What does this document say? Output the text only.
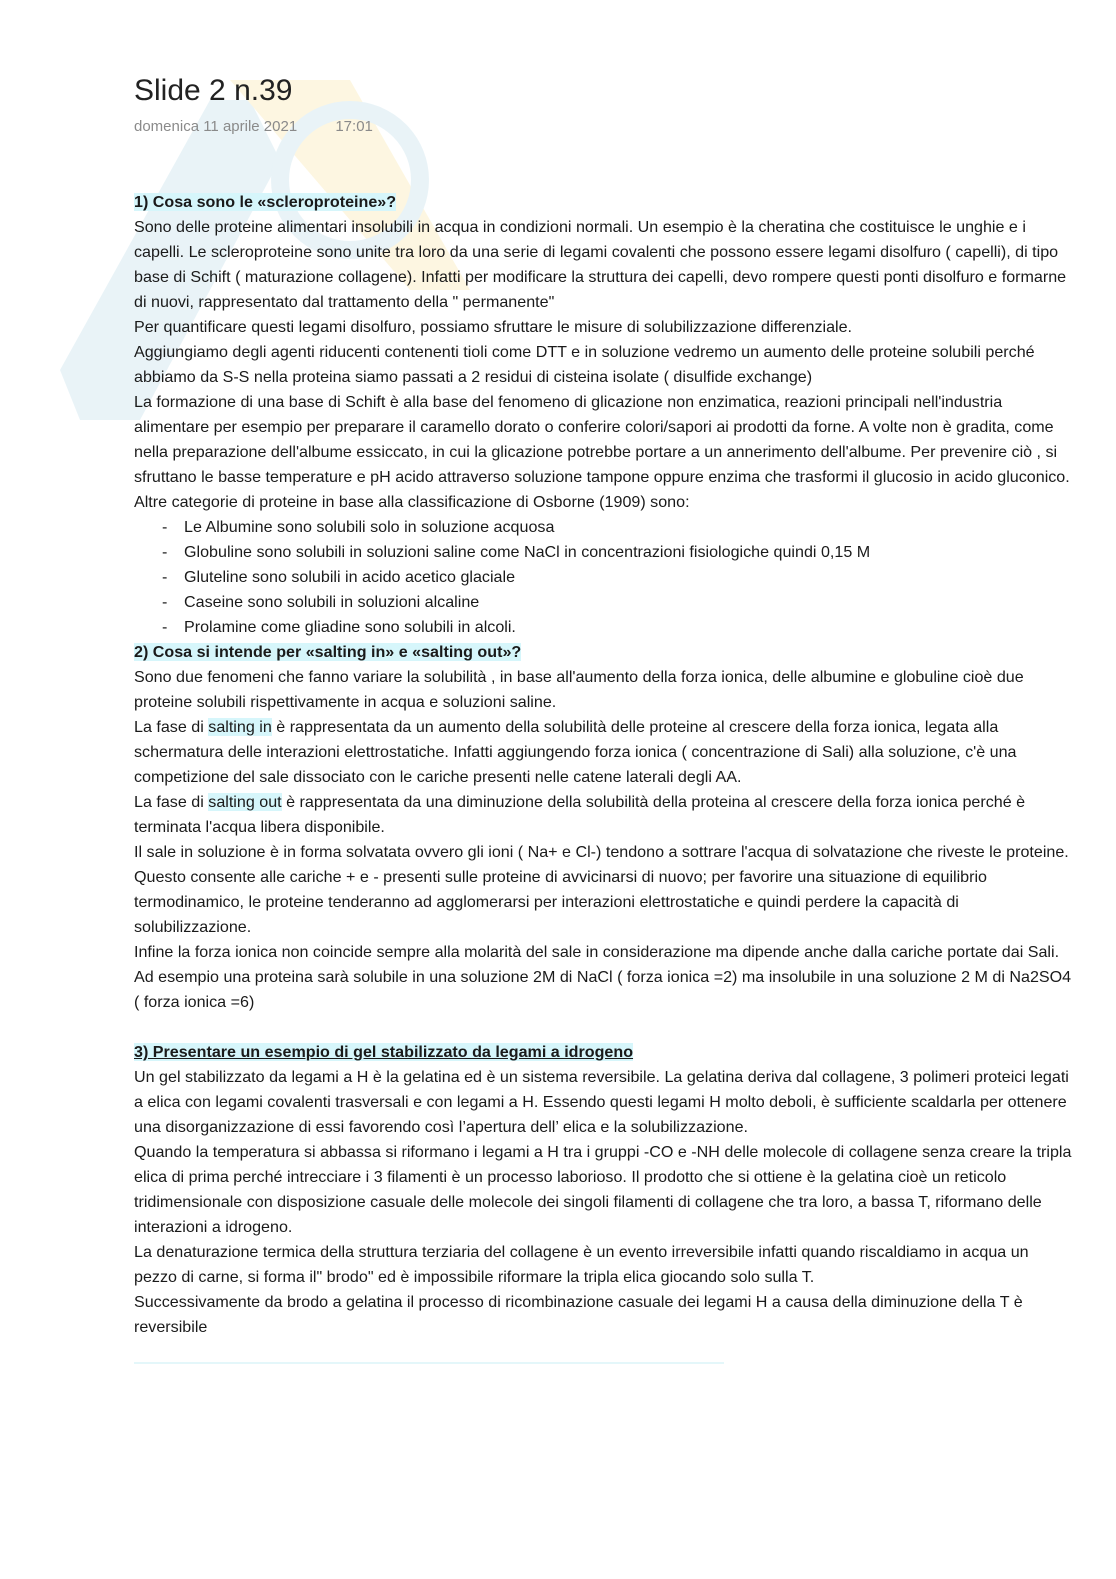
Slide 2 n.39
domenica 11 aprile 2021	17:01

1) Cosa sono le «scleroproteine»?

Sono delle proteine alimentari insolubili in acqua in condizioni normali. Un esempio è la cheratina che costituisce le unghie e i capelli. Le scleroproteine sono unite tra loro da una serie di legami covalenti che possono essere legami disolfuro ( capelli), di tipo base di Schift ( maturazione collagene). Infatti per modificare la struttura dei capelli, devo rompere questi ponti disolfuro e formarne di nuovi, rappresentato dal trattamento della " permanente"

Per quantificare questi legami disolfuro, possiamo sfruttare le misure di solubilizzazione differenziale.

Aggiungiamo degli agenti riducenti contenenti tioli come DTT e in soluzione vedremo un aumento delle proteine solubili perché abbiamo da S-S nella proteina siamo passati a 2 residui di cisteina isolate ( disulfide exchange)

La formazione di una base di Schift è alla base del fenomeno di glicazione non enzimatica, reazioni principali nell'industria alimentare per esempio per preparare il caramello dorato o conferire colori/sapori ai prodotti da forne. A volte non è gradita, come nella preparazione dell'albume essiccato, in cui la glicazione potrebbe portare a un annerimento dell'albume. Per prevenire ciò , si sfruttano le basse temperature e pH acido attraverso soluzione tampone oppure enzima che trasformi il glucosio in acido gluconico.

Altre categorie di proteine in base alla classificazione di Osborne (1909) sono:

- Le Albumine sono solubili solo in soluzione acquosa
- Globuline sono solubili in soluzioni saline come NaCl in concentrazioni fisiologiche quindi 0,15 M
- Gluteline sono solubili in acido acetico glaciale
- Caseine sono solubili in soluzioni alcaline
- Prolamine come gliadine sono solubili in alcoli.

2) Cosa si intende per «salting in» e «salting out»?

Sono due fenomeni che fanno variare la solubilità , in base all'aumento della forza ionica, delle albumine e globuline cioè due proteine solubili rispettivamente in acqua e soluzioni saline.

La fase di salting in è rappresentata da un aumento della solubilità delle proteine al crescere della forza ionica, legata alla schermatura delle interazioni elettrostatiche. Infatti aggiungendo forza ionica ( concentrazione di Sali) alla soluzione, c'è una competizione del sale dissociato con le cariche presenti nelle catene laterali degli AA.

La fase di salting out è rappresentata da una diminuzione della solubilità della proteina al crescere della forza ionica perché è terminata l'acqua libera disponibile.

Il sale in soluzione è in forma solvatata ovvero gli ioni ( Na+ e Cl-) tendono a sottrare l'acqua di solvatazione che riveste le proteine. Questo consente alle cariche + e - presenti sulle proteine di avvicinarsi di nuovo; per favorire una situazione di equilibrio termodinamico, le proteine tenderanno ad agglomerarsi per interazioni elettrostatiche e quindi perdere la capacità di solubilizzazione.

Infine la forza ionica non coincide sempre alla molarità del sale in considerazione ma dipende anche dalla cariche portate dai Sali. Ad esempio una proteina sarà solubile in una soluzione 2M di NaCl ( forza ionica =2) ma insolubile in una soluzione 2 M di Na2SO4 ( forza ionica =6)

3) Presentare un esempio di gel stabilizzato da legami a idrogeno

Un gel stabilizzato da legami a H è la gelatina ed è un sistema reversibile. La gelatina deriva dal collagene, 3 polimeri proteici legati a elica con legami covalenti trasversali e con legami a H. Essendo questi legami H molto deboli, è sufficiente scaldarla per ottenere una disorganizzazione di essi favorendo così l’apertura dell’ elica e la solubilizzazione.

Quando la temperatura si abbassa si riformano i legami a H tra i gruppi -CO e -NH delle molecole di collagene senza creare la tripla elica di prima perché intrecciare i 3 filamenti è un processo laborioso. Il prodotto che si ottiene è la gelatina cioè un reticolo tridimensionale con disposizione casuale delle molecole dei singoli filamenti di collagene che tra loro, a bassa T, riformano delle interazioni a idrogeno.

La denaturazione termica della struttura terziaria del collagene è un evento irreversibile infatti quando riscaldiamo in acqua un pezzo di carne, si forma il" brodo" ed è impossibile riformare la tripla elica giocando solo sulla T.

Successivamente da brodo a gelatina il processo di ricombinazione casuale dei legami H a causa della diminuzione della T è reversibile
